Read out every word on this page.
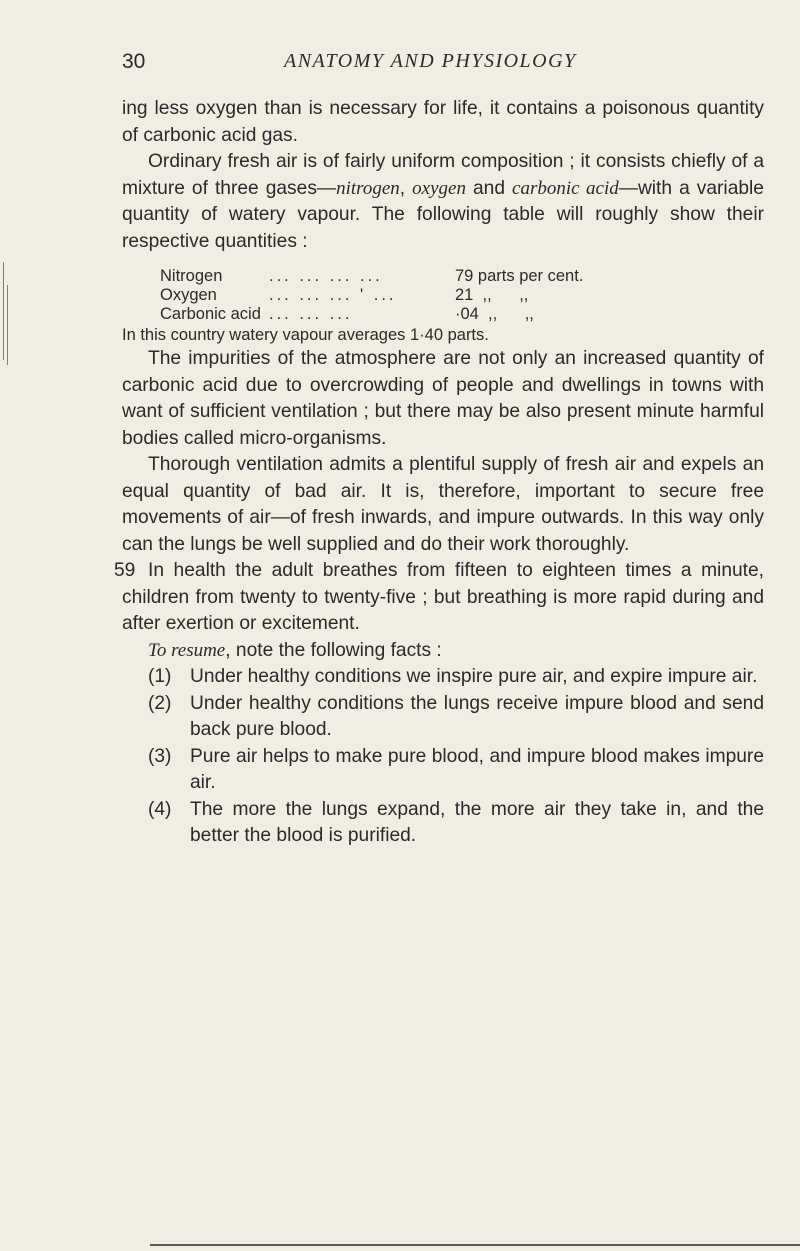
30	ANATOMY AND PHYSIOLOGY

ing less oxygen than is necessary for life, it contains a poisonous quantity of carbonic acid gas.

Ordinary fresh air is of fairly uniform composition ; it consists chiefly of a mixture of three gases—nitrogen, oxygen and carbonic acid—with a variable quantity of watery vapour. The following table will roughly show their respective quantities :

Nitrogen	... ... ... ...	79 parts per cent.
Oxygen	... ... ... ' ...	21  ,,      ,,
Carbonic acid ... ... ...	·04  ,,      ,,

In this country watery vapour averages 1·40 parts.

The impurities of the atmosphere are not only an increased quantity of carbonic acid due to overcrowding of people and dwellings in towns with want of sufficient ventilation ; but there may be also present minute harmful bodies called micro-organisms.

Thorough ventilation admits a plentiful supply of fresh air and expels an equal quantity of bad air. It is, therefore, important to secure free movements of air—of fresh inwards, and impure outwards. In this way only can the lungs be well supplied and do their work thoroughly.

59 In health the adult breathes from fifteen to eighteen times a minute, children from twenty to twenty-five ; but breathing is more rapid during and after exertion or excitement.

To resume, note the following facts :

(1) Under healthy conditions we inspire pure air, and expire impure air.
(2) Under healthy conditions the lungs receive impure blood and send back pure blood.
(3) Pure air helps to make pure blood, and impure blood makes impure air.
(4) The more the lungs expand, the more air they take in, and the better the blood is purified.
